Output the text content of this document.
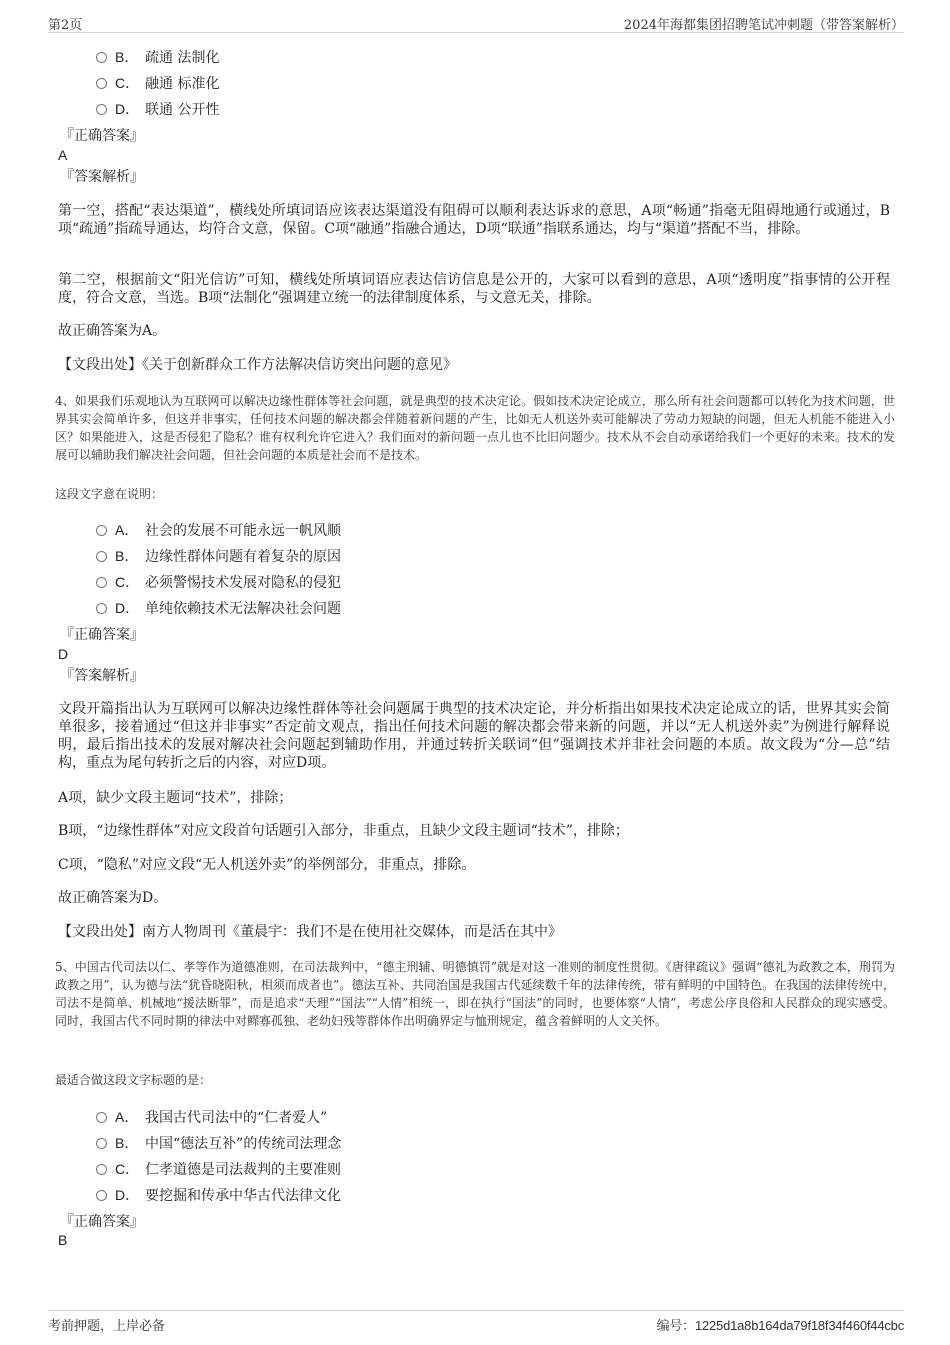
第2页	2024年海都集团招聘笔试冲刺题（带答案解析）
B． 疏通 法制化
C． 融通 标准化
D． 联通 公开性
『正确答案』
A
『答案解析』
第一空，搭配“表达渠道”，横线处所填词语应该表达渠道没有阻碍可以顺利表达诉求的意思，A项“畅通”指毫无阻碍地通行或通过，B项“疏通”指疏导通达，均符合文意，保留。C项“融通”指融合通达，D项“联通”指联系通达，均与“渠道”搭配不当，排除。
第二空，根据前文“阳光信访”可知，横线处所填词语应表达信访信息是公开的，大家可以看到的意思，A项“透明度”指事情的公开程度，符合文意，当选。B项“法制化”强调建立统一的法律制度体系，与文意无关，排除。
故正确答案为A。
【文段出处】《关于创新群众工作方法解决信访突出问题的意见》
4、如果我们乐观地认为互联网可以解决边缘性群体等社会问题，就是典型的技术决定论。假如技术决定论成立，那么所有社会问题都可以转化为技术问题，世界其实会简单许多，但这并非事实，任何技术问题的解决都会伴随着新问题的产生，比如无人机送外卖可能解决了劳动力短缺的问题，但无人机能不能进入小区？如果能进入，这是否侵犯了隐私？谁有权利允许它进入？我们面对的新问题一点儿也不比旧问题少。技术从不会自动承诺给我们一个更好的未来。技术的发展可以辅助我们解决社会问题，但社会问题的本质是社会而不是技术。
这段文字意在说明：
A． 社会的发展不可能永远一帆风顺
B． 边缘性群体问题有着复杂的原因
C． 必须警惕技术发展对隐私的侵犯
D． 单纯依赖技术无法解决社会问题
『正确答案』
D
『答案解析』
文段开篇指出认为互联网可以解决边缘性群体等社会问题属于典型的技术决定论，并分析指出如果技术决定论成立的话，世界其实会简单很多，接着通过“但这并非事实”否定前文观点，指出任何技术问题的解决都会带来新的问题，并以“无人机送外卖”为例进行解释说明，最后指出技术的发展对解决社会问题起到辅助作用，并通过转折关联词“但”强调技术并非社会问题的本质。故文段为“分—总”结构，重点为尾句转折之后的内容，对应D项。
A项，缺少文段主题词“技术”，排除；
B项，“边缘性群体”对应文段首句话题引入部分，非重点，且缺少文段主题词“技术”，排除；
C项，“隐私”对应文段“无人机送外卖”的举例部分，非重点，排除。
故正确答案为D。
【文段出处】南方人物周刊《董晨宇：我们不是在使用社交媒体，而是活在其中》
5、中国古代司法以仁、孝等作为道德准则，在司法裁判中，“德主刑辅、明德慎罚”就是对这一准则的制度性贯彻。《唐律疏议》强调“德礼为政教之本，刑罚为政教之用”，认为德与法“犹昏晓阳秋，相须而成者也”。德法互补、共同治国是我国古代延续数千年的法律传统，带有鲜明的中国特色。在我国的法律传统中，司法不是简单、机械地“援法断罪”，而是追求“天理”“国法”“人情”相统一，即在执行“国法”的同时，也要体察“人情”，考虑公序良俗和人民群众的现实感受。同时，我国古代不同时期的律法中对鳏寡孤独、老幼妇残等群体作出明确界定与恤刑规定，蕴含着鲜明的人文关怀。
最适合做这段文字标题的是：
A． 我国古代司法中的“仁者爱人”
B． 中国“德法互补”的传统司法理念
C． 仁孝道德是司法裁判的主要准则
D． 要挖掘和传承中华古代法律文化
『正确答案』
B
考前押题，上岸必备	编号：1225d1a8b164da79f18f34f460f44cbc
